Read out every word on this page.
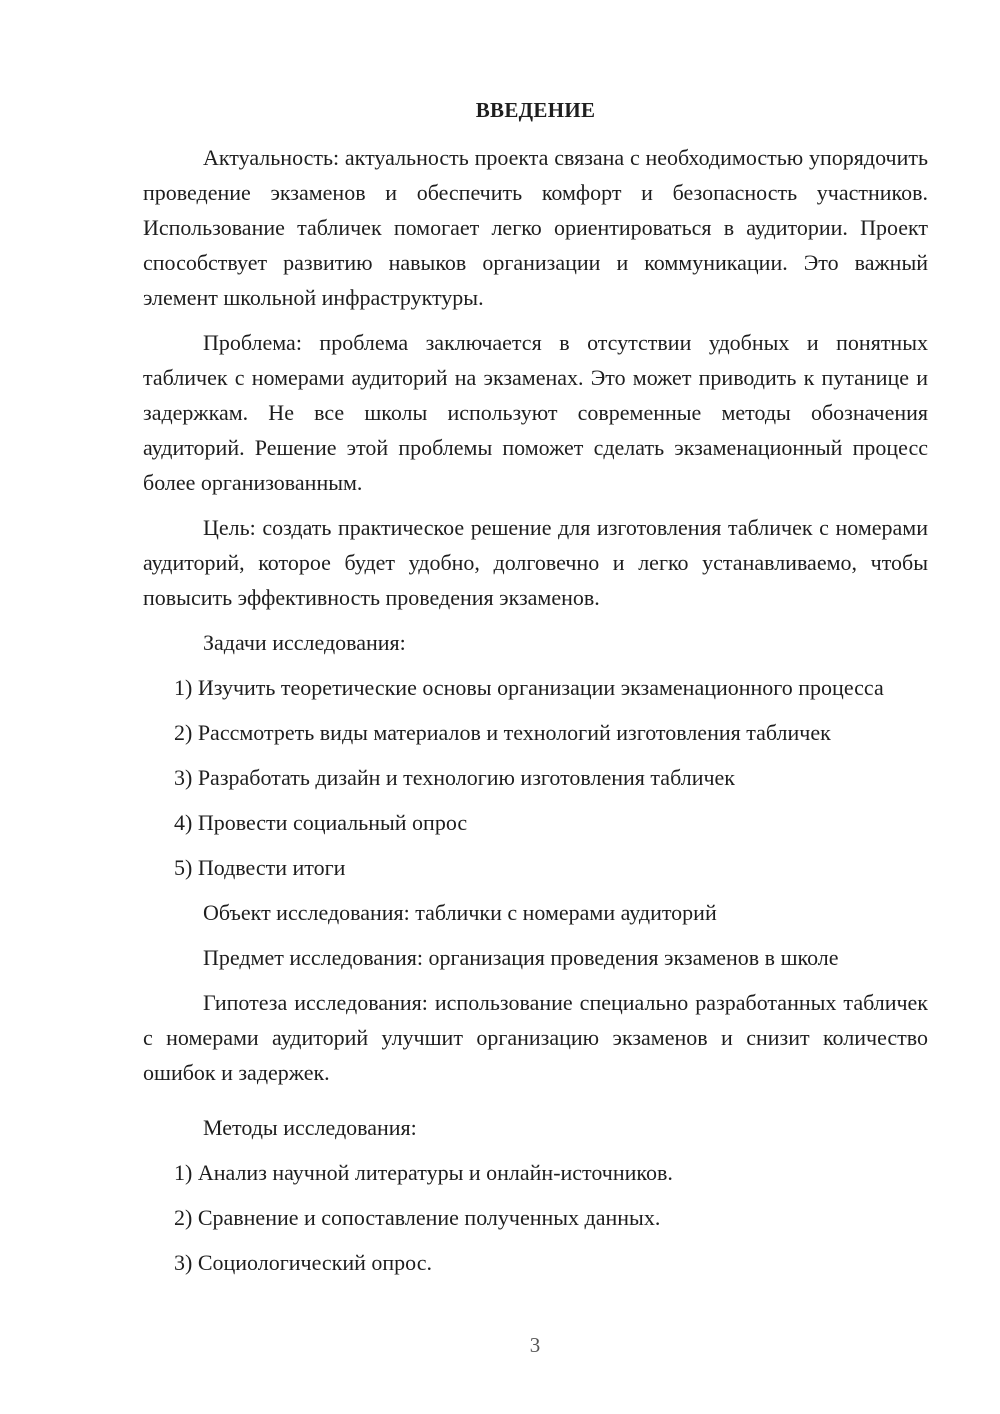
ВВЕДЕНИЕ

Актуальность: актуальность проекта связана с необходимостью упорядочить проведение экзаменов и обеспечить комфорт и безопасность участников. Использование табличек помогает легко ориентироваться в аудитории. Проект способствует развитию навыков организации и коммуникации. Это важный элемент школьной инфраструктуры.

Проблема: проблема заключается в отсутствии удобных и понятных табличек с номерами аудиторий на экзаменах. Это может приводить к путанице и задержкам. Не все школы используют современные методы обозначения аудиторий. Решение этой проблемы поможет сделать экзаменационный процесс более организованным.

Цель: создать практическое решение для изготовления табличек с номерами аудиторий, которое будет удобно, долговечно и легко устанавливаемо, чтобы повысить эффективность проведения экзаменов.

Задачи исследования:

1) Изучить теоретические основы организации экзаменационного процесса

2) Рассмотреть виды материалов и технологий изготовления табличек

3) Разработать дизайн и технологию изготовления табличек

4) Провести социальный опрос

5) Подвести итоги

Объект исследования: таблички с номерами аудиторий

Предмет исследования: организация проведения экзаменов в школе

Гипотеза исследования: использование специально разработанных табличек с номерами аудиторий улучшит организацию экзаменов и снизит количество ошибок и задержек.

Методы исследования:

1) Анализ научной литературы и онлайн-источников.

2) Сравнение и сопоставление полученных данных.

3) Социологический опрос.

3
